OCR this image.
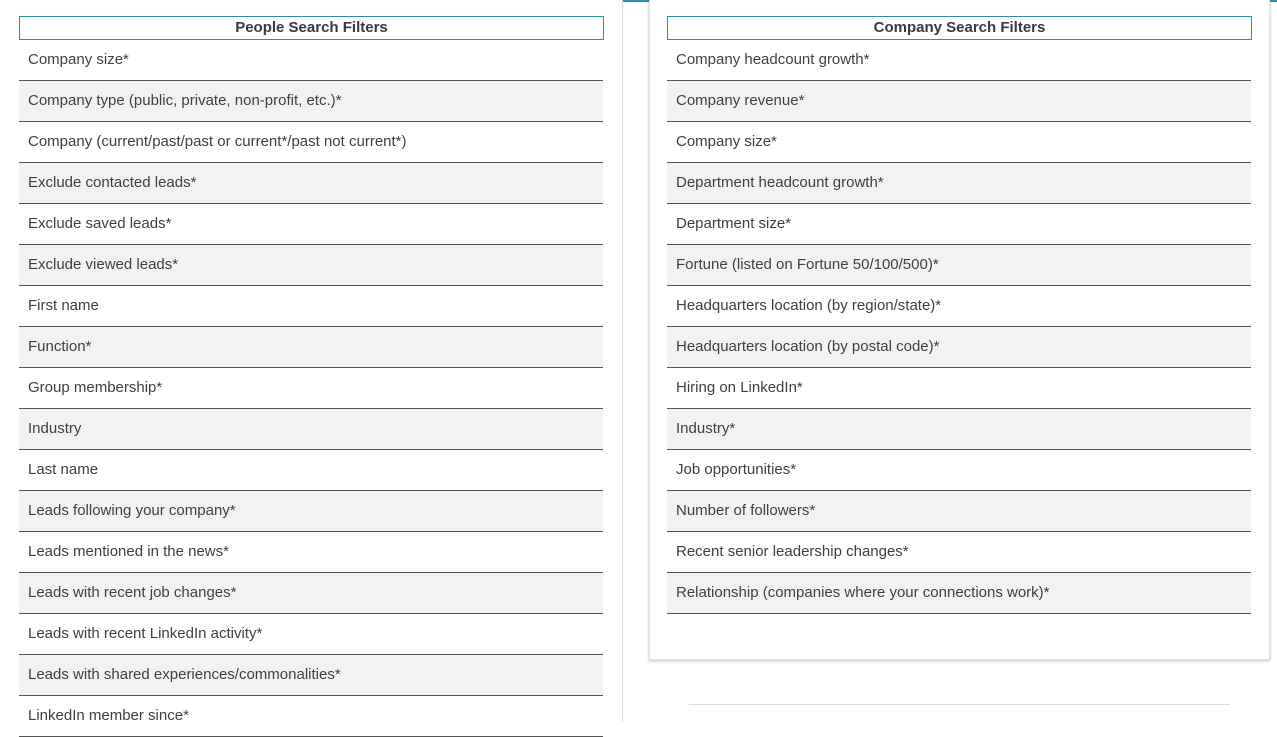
People Search Filters
Company size*
Company type (public, private, non-profit, etc.)*
Company (current/past/past or current*/past not current*)
Exclude contacted leads*
Exclude saved leads*
Exclude viewed leads*
First name
Function*
Group membership*
Industry
Last name
Leads following your company*
Leads mentioned in the news*
Leads with recent job changes*
Leads with recent LinkedIn activity*
Leads with shared experiences/commonalities*
LinkedIn member since*
Company Search Filters
Company headcount growth*
Company revenue*
Company size*
Department headcount growth*
Department size*
Fortune (listed on Fortune 50/100/500)*
Headquarters location (by region/state)*
Headquarters location (by postal code)*
Hiring on LinkedIn*
Industry*
Job opportunities*
Number of followers*
Recent senior leadership changes*
Relationship (companies where your connections work)*
